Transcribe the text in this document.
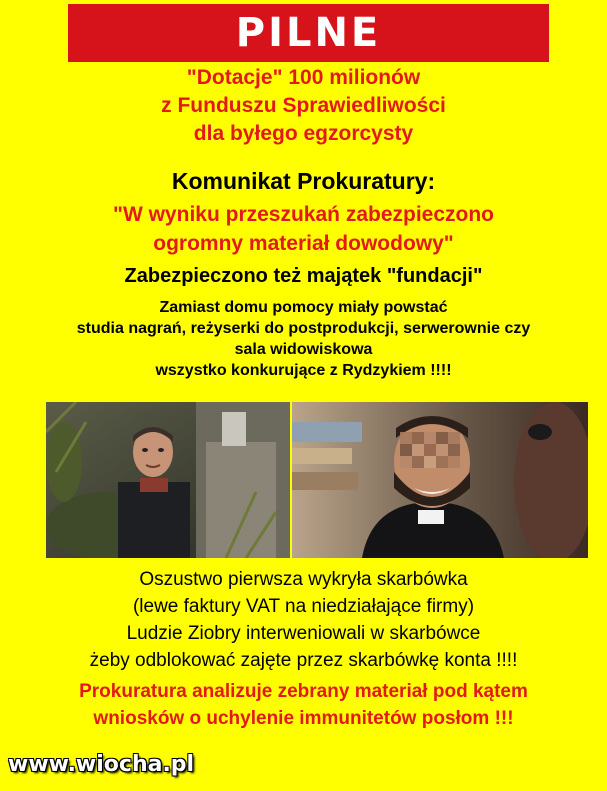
PILNE
"Dotacje" 100 milionów
z Funduszu Sprawiedliwości
dla byłego egzorcysty
Komunikat Prokuratury:
"W wyniku przeszukań zabezpieczono
ogromny materiał dowodowy"
Zabezpieczono też majątek "fundacji"
Zamiast domu pomocy miały powstać
studia nagrań, reżyserki do postprodukcji, serwerownie czy
sala widowiskowa
wszystko konkurujące z Rydzykiem !!!!
Oszustwo pierwsza wykryła skarbówka
(lewe faktury VAT na niedziałające firmy)
Ludzie Ziobry interweniowali w skarbówce
żeby odblokować zajęte przez skarbówkę konta !!!!
Prokuratura analizuje zebrany materiał pod kątem
wniosków o uchylenie immunitetów posłom !!!
www.wiocha.pl
